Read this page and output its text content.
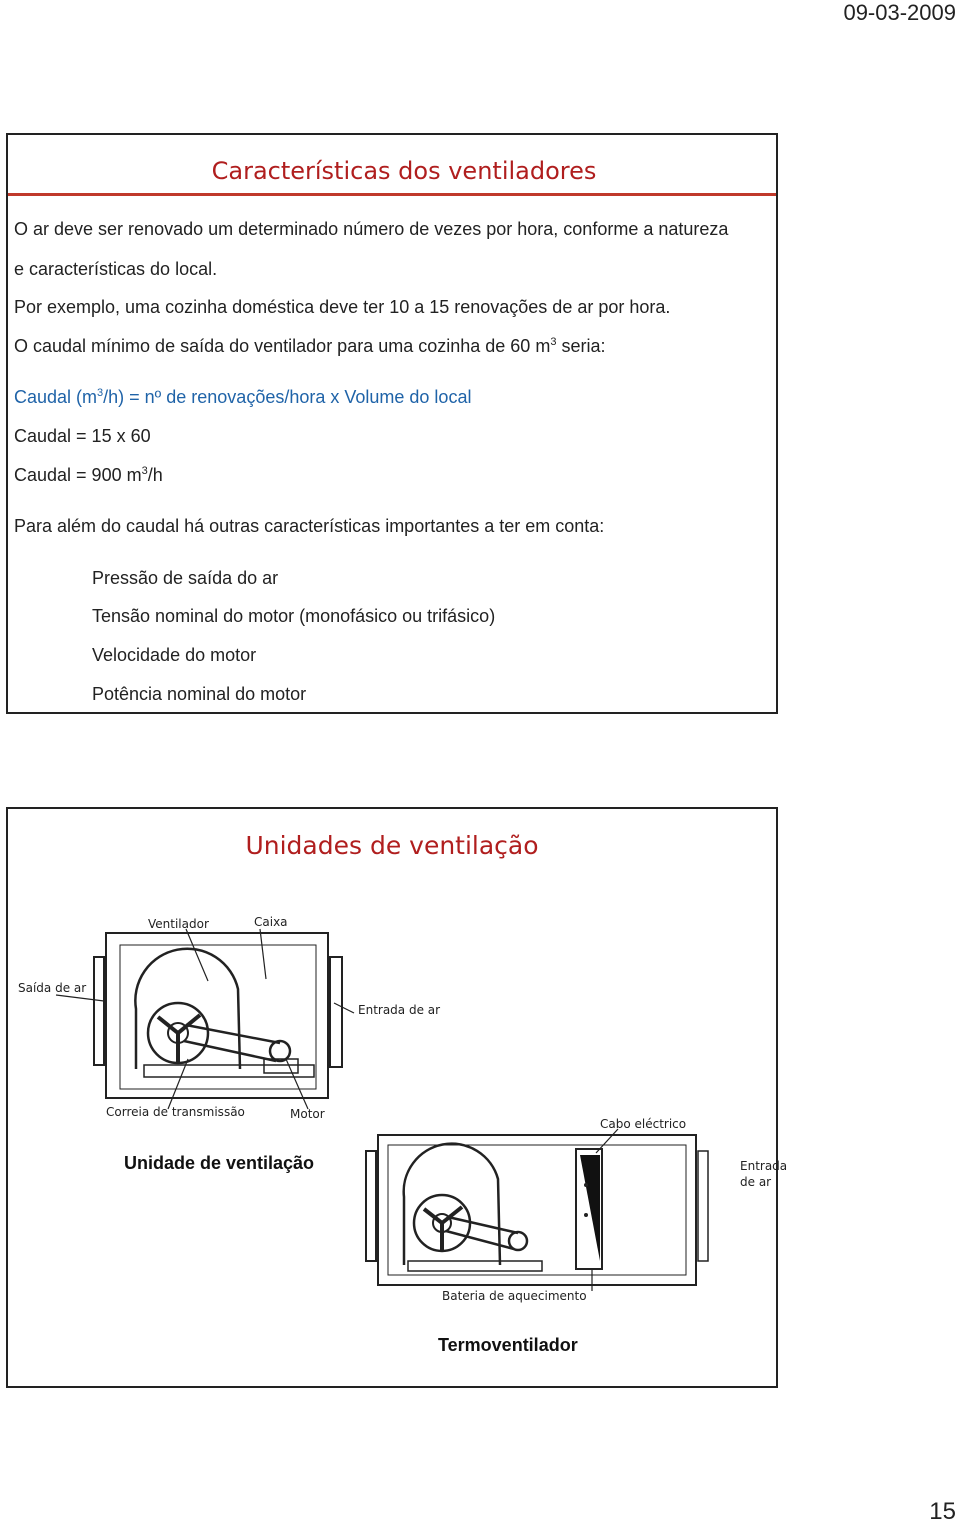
09-03-2009
Características dos ventiladores
O ar deve ser renovado um determinado número de vezes por hora, conforme a natureza
e características do local.
Por exemplo, uma cozinha doméstica deve ter 10 a 15 renovações de ar por hora.
O caudal mínimo de saída do ventilador para uma cozinha de 60 $m^3$ seria:
Caudal $(m^3/h)$ = nº de renovações/hora x Volume do local
Caudal = 15 x 60
Caudal = 900 $m^3/h$
Para além do caudal há outras características importantes a ter em conta:
Pressão de saída do ar
Tensão nominal do motor (monofásico ou trifásico)
Velocidade do motor
Potência nominal do motor
Unidades de ventilação
Ventilador	Caixa
Saída de ar
Entrada de ar
Correia de transmissão	Motor
Unidade de ventilação
Cabo eléctrico
Entrada
de ar
Bateria de aquecimento
Termoventilador
15
